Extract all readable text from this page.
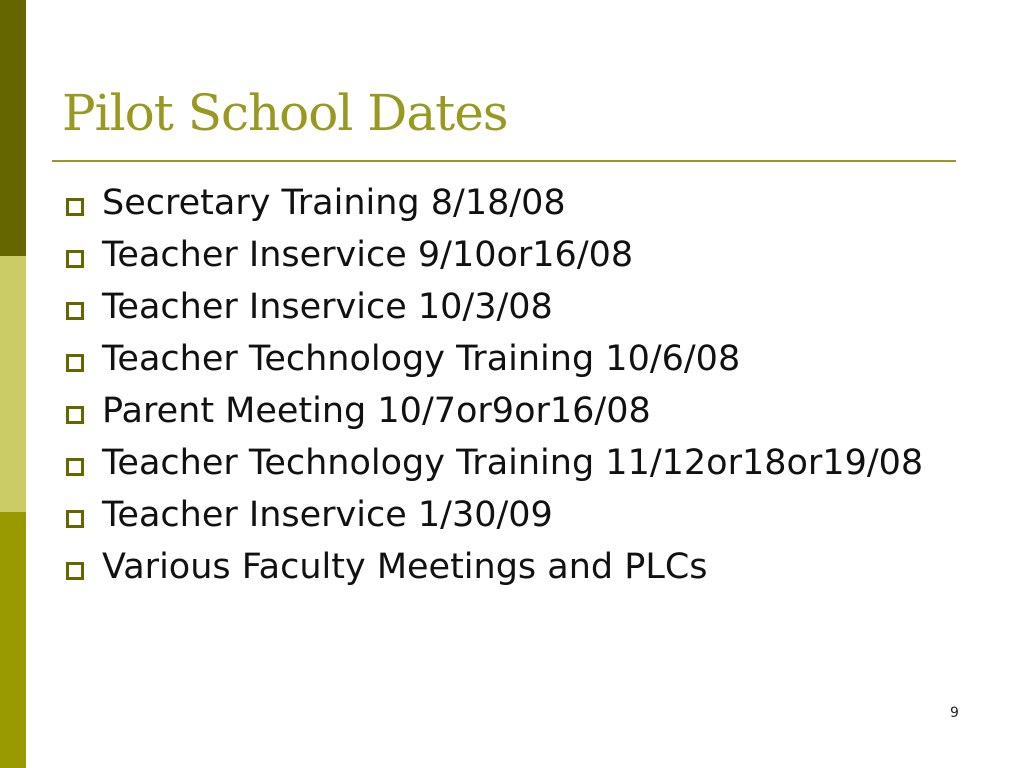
Pilot School Dates
Secretary Training 8/18/08
Teacher Inservice 9/10or16/08
Teacher Inservice 10/3/08
Teacher Technology Training 10/6/08
Parent Meeting 10/7or9or16/08
Teacher Technology Training 11/12or18or19/08
Teacher Inservice 1/30/09
Various Faculty Meetings and PLCs
9
